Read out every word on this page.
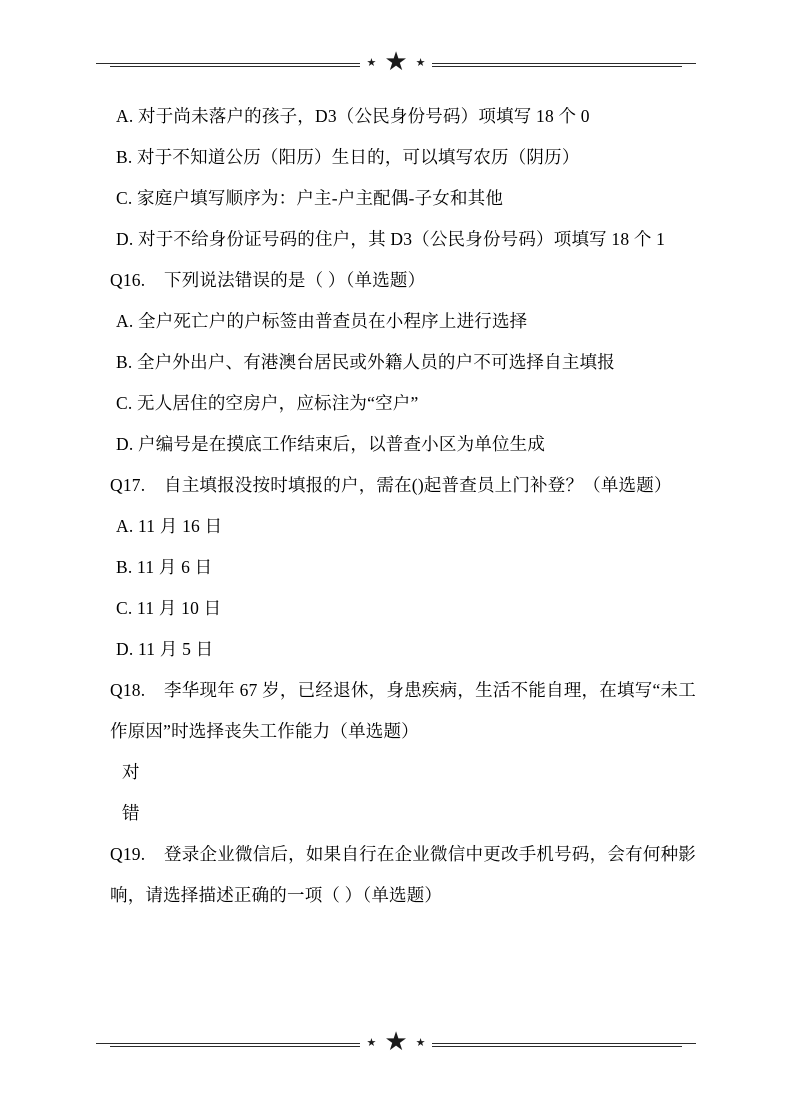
★ ★ ★

A. 对于尚未落户的孩子，D3（公民身份号码）项填写 18 个 0

B. 对于不知道公历（阳历）生日的，可以填写农历（阴历）

C. 家庭户填写顺序为：户主-户主配偶-子女和其他

D. 对于不给身份证号码的住户，其 D3（公民身份号码）项填写 18 个 1

Q16. 下列说法错误的是（ ）（单选题）

A. 全户死亡户的户标签由普查员在小程序上进行选择

B. 全户外出户、有港澳台居民或外籍人员的户不可选择自主填报

C. 无人居住的空房户，应标注为“空户”

D. 户编号是在摸底工作结束后，以普查小区为单位生成

Q17. 自主填报没按时填报的户，需在()起普查员上门补登？（单选题）

A. 11 月 16 日

B. 11 月 6 日

C. 11 月 10 日

D. 11 月 5 日

Q18. 李华现年 67 岁，已经退休，身患疾病，生活不能自理，在填写“未工作原因”时选择丧失工作能力（单选题）

对

错

Q19. 登录企业微信后，如果自行在企业微信中更改手机号码，会有何种影响，请选择描述正确的一项（ ）（单选题）

★ ★ ★
